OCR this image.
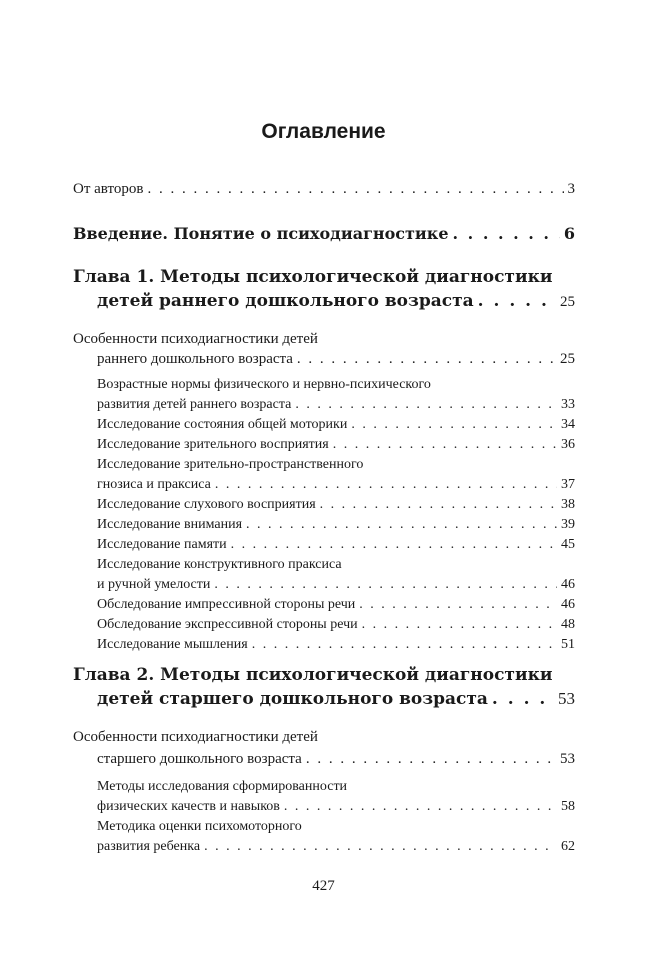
Оглавление
От авторов . . .	3
Введение. Понятие о психодиагностике . . .	6
Глава 1. Методы психологической диагностики
детей раннего дошкольного возраста . . .	25
Особенности психодиагностики детей
раннего дошкольного возраста . . .	25
Возрастные нормы физического и нервно-психического
развития детей раннего возраста . . .	33
Исследование состояния общей моторики . . .	34
Исследование зрительного восприятия . . .	36
Исследование зрительно-пространственного
гнозиса и праксиса . . .	37
Исследование слухового восприятия . . .	38
Исследование внимания . . .	39
Исследование памяти . . .	45
Исследование конструктивного праксиса
и ручной умелости . . .	46
Обследование импрессивной стороны речи . . .	46
Обследование экспрессивной стороны речи . . .	48
Исследование мышления . . .	51
Глава 2. Методы психологической диагностики
детей старшего дошкольного возраста . . .	53
Особенности психодиагностики детей
старшего дошкольного возраста . . .	53
Методы исследования сформированности
физических качеств и навыков . . .	58
Методика оценки психомоторного
развития ребенка . . .	62
427
